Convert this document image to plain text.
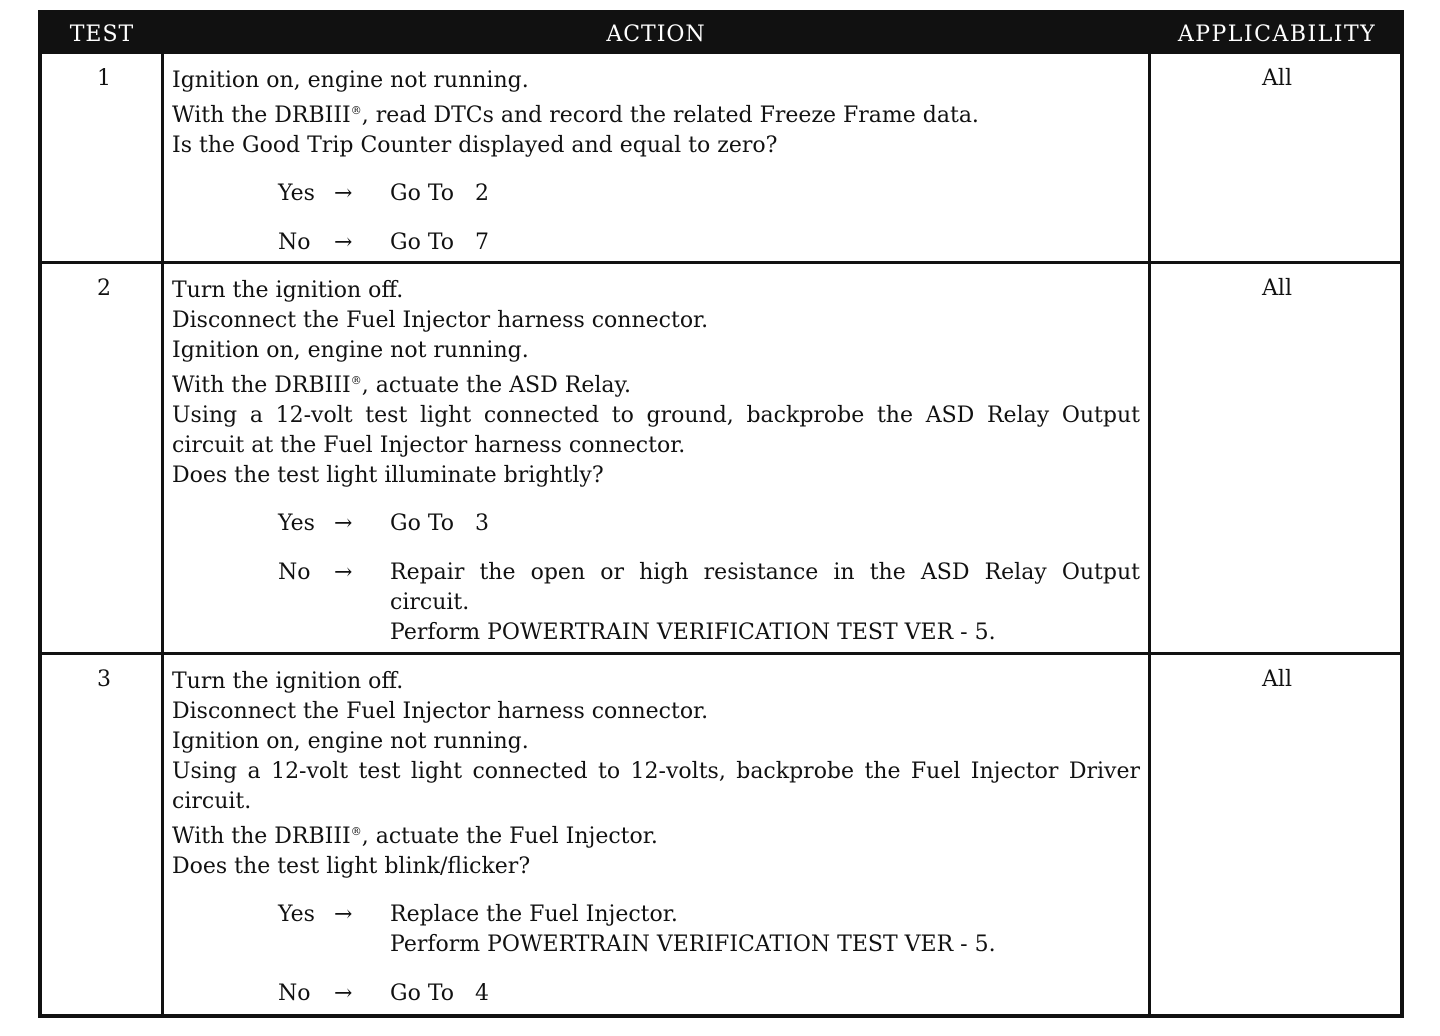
TEST	ACTION	APPLICABILITY
1	Ignition on, engine not running.
With the DRBIII®, read DTCs and record the related Freeze Frame data.
Is the Good Trip Counter displayed and equal to zero?
Yes →	Go To   2
No	→	Go To   7
All
2	Turn the ignition off.
Disconnect the Fuel Injector harness connector.
Ignition on, engine not running.
With the DRBIII®, actuate the ASD Relay.
Using a 12-volt test light connected to ground, backprobe the ASD Relay Output
circuit at the Fuel Injector harness connector.
Does the test light illuminate brightly?
Yes →	Go To   3
No	→	Repair the open or high resistance in the ASD Relay Output
circuit.
Perform POWERTRAIN VERIFICATION TEST VER - 5.
All
3	Turn the ignition off.
Disconnect the Fuel Injector harness connector.
Ignition on, engine not running.
Using a 12-volt test light connected to 12-volts, backprobe the Fuel Injector Driver
circuit.
With the DRBIII®, actuate the Fuel Injector.
Does the test light blink/flicker?
Yes →	Replace the Fuel Injector.
Perform POWERTRAIN VERIFICATION TEST VER - 5.
No	→	Go To   4
All
